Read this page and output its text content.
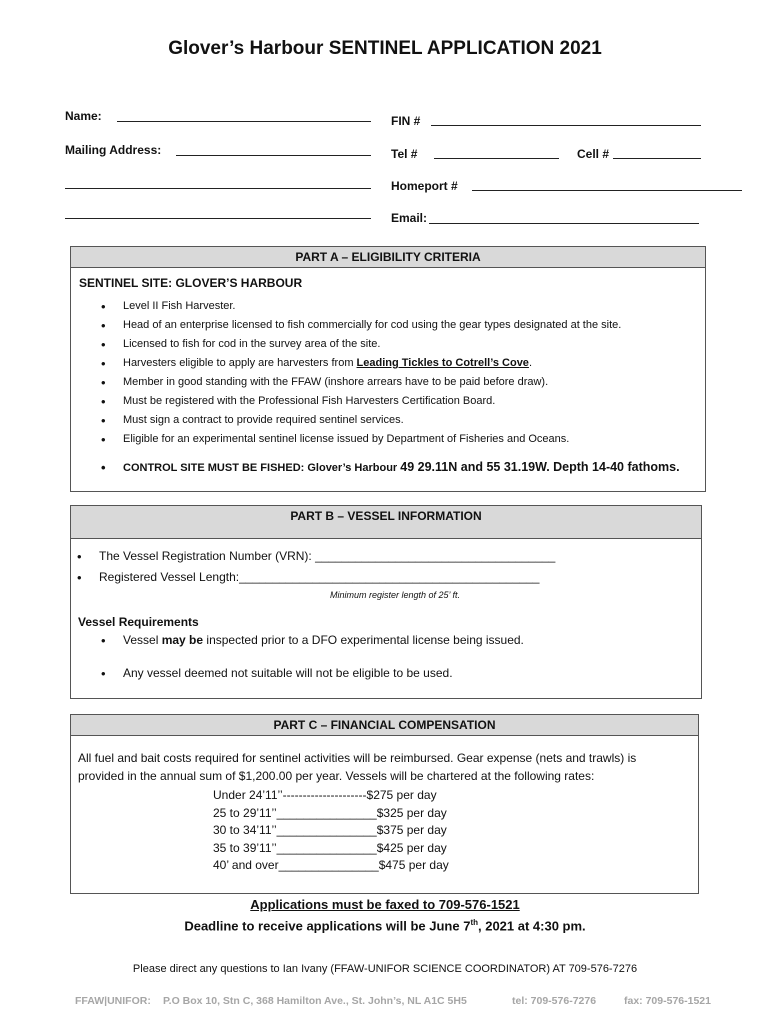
Glover’s Harbour SENTINEL APPLICATION 2021
Name:	FIN #
Mailing Address:	Tel #	Cell #
Homeport #
Email:
PART A – ELIGIBILITY CRITERIA
SENTINEL SITE: GLOVER’S HARBOUR
• Level II Fish Harvester.
• Head of an enterprise licensed to fish commercially for cod using the gear types designated at the site.
• Licensed to fish for cod in the survey area of the site.
• Harvesters eligible to apply are harvesters from Leading Tickles to Cotrell’s Cove.
• Member in good standing with the FFAW (inshore arrears have to be paid before draw).
• Must be registered with the Professional Fish Harvesters Certification Board.
• Must sign a contract to provide required sentinel services.
• Eligible for an experimental sentinel license issued by Department of Fisheries and Oceans.
• CONTROL SITE MUST BE FISHED: Glover’s Harbour 49 29.11N and 55 31.19W. Depth 14-40 fathoms.
PART B – VESSEL INFORMATION
• The Vessel Registration Number (VRN): ____________________________________
• Registered Vessel Length:_____________________________________________
Minimum register length of 25’ ft.
Vessel Requirements
• Vessel may be inspected prior to a DFO experimental license being issued.
• Any vessel deemed not suitable will not be eligible to be used.
PART C – FINANCIAL COMPENSATION
All fuel and bait costs required for sentinel activities will be reimbursed. Gear expense (nets and trawls) is
provided in the annual sum of $1,200.00 per year. Vessels will be chartered at the following rates:
Under 24’11’’---------------------$275 per day
25 to 29’11’’_______________$325 per day
30 to 34’11’’_______________$375 per day
35 to 39’11’’_______________$425 per day
40’ and over_______________$475 per day
Applications must be faxed to 709-576-1521
Deadline to receive applications will be June 7th, 2021 at 4:30 pm.
Please direct any questions to Ian Ivany (FFAW-UNIFOR SCIENCE COORDINATOR) AT 709-576-7276
FFAW|UNIFOR: P.O Box 10, Stn C, 368 Hamilton Ave., St. John’s, NL A1C 5H5	tel: 709-576-7276	fax: 709-576-1521
